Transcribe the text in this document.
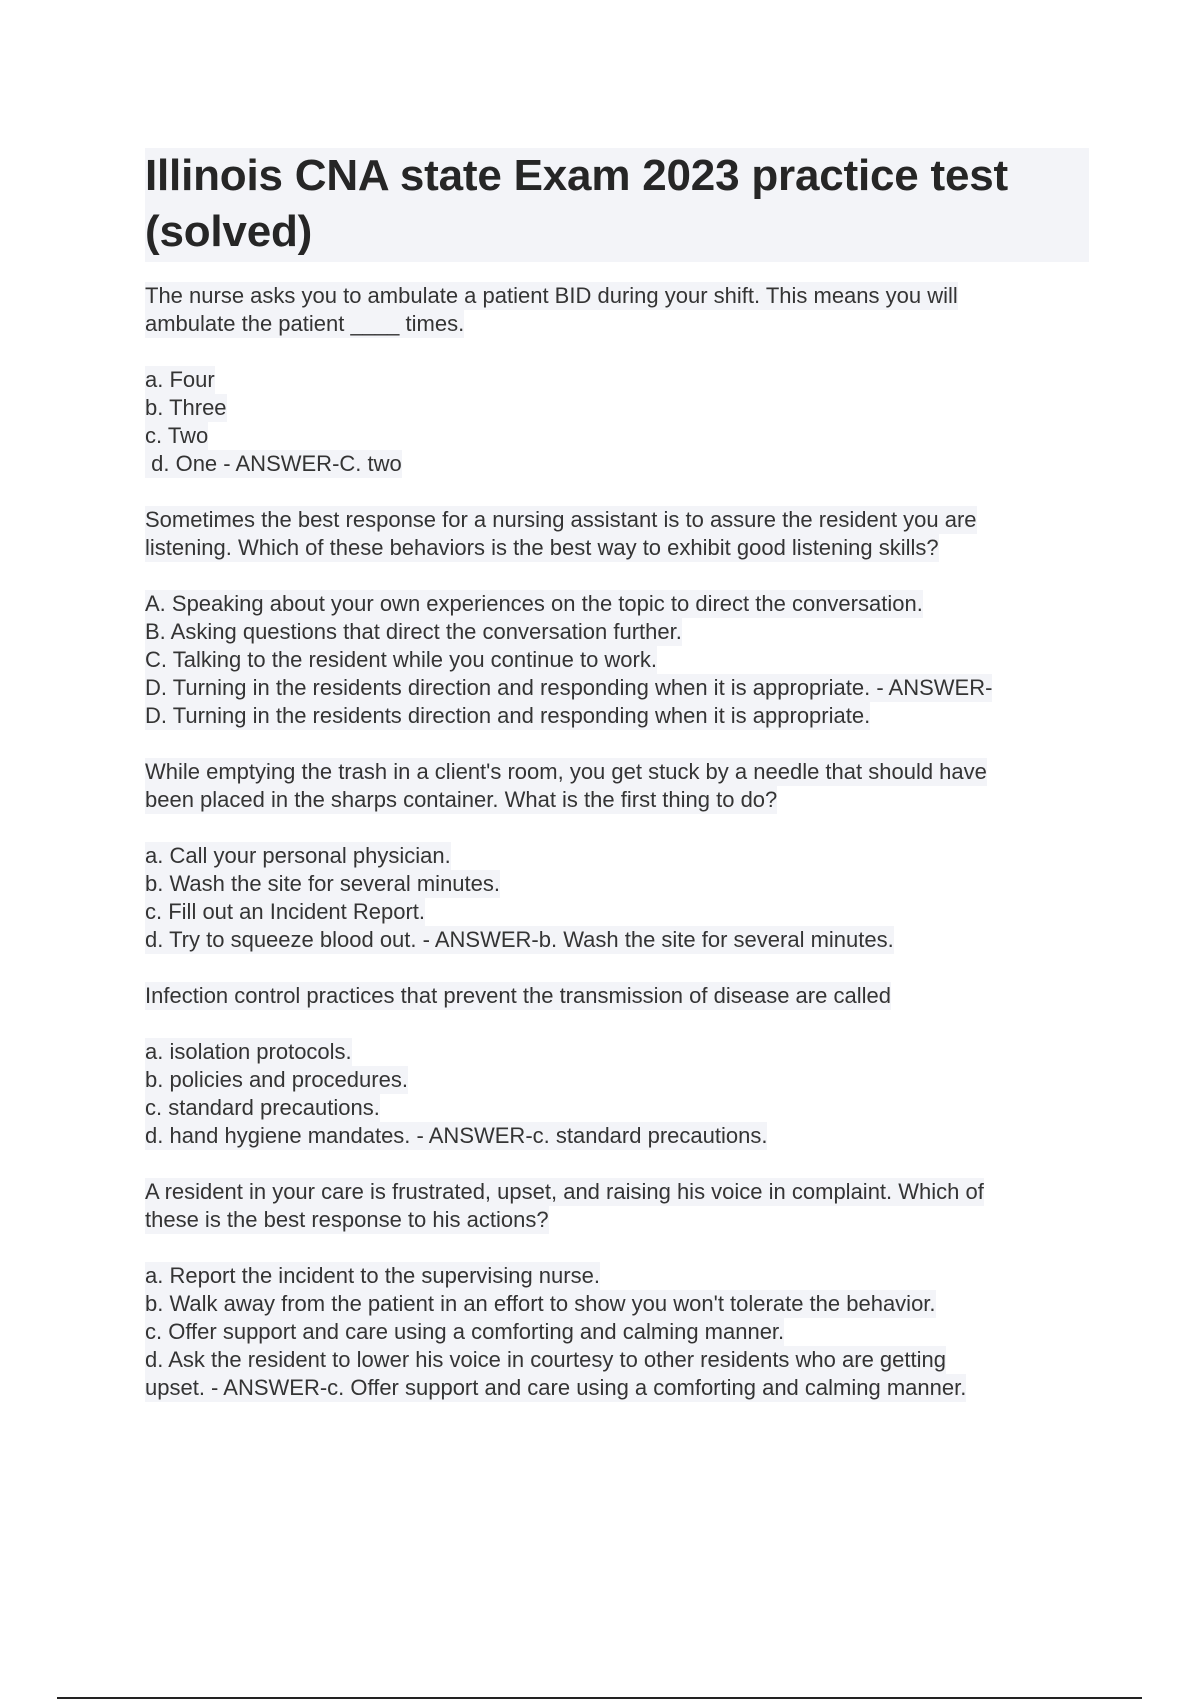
Illinois CNA state Exam 2023 practice test
(solved)
The nurse asks you to ambulate a patient BID during your shift. This means you will
ambulate the patient ____ times.
a. Four
b. Three
c. Two
d. One - ANSWER-C. two
Sometimes the best response for a nursing assistant is to assure the resident you are
listening. Which of these behaviors is the best way to exhibit good listening skills?
A. Speaking about your own experiences on the topic to direct the conversation.
B. Asking questions that direct the conversation further.
C. Talking to the resident while you continue to work.
D. Turning in the residents direction and responding when it is appropriate. - ANSWER-
D. Turning in the residents direction and responding when it is appropriate.
While emptying the trash in a client's room, you get stuck by a needle that should have
been placed in the sharps container. What is the first thing to do?
a. Call your personal physician.
b. Wash the site for several minutes.
c. Fill out an Incident Report.
d. Try to squeeze blood out. - ANSWER-b. Wash the site for several minutes.
Infection control practices that prevent the transmission of disease are called
a. isolation protocols.
b. policies and procedures.
c. standard precautions.
d. hand hygiene mandates. - ANSWER-c. standard precautions.
A resident in your care is frustrated, upset, and raising his voice in complaint. Which of
these is the best response to his actions?
a. Report the incident to the supervising nurse.
b. Walk away from the patient in an effort to show you won't tolerate the behavior.
c. Offer support and care using a comforting and calming manner.
d. Ask the resident to lower his voice in courtesy to other residents who are getting
upset. - ANSWER-c. Offer support and care using a comforting and calming manner.
